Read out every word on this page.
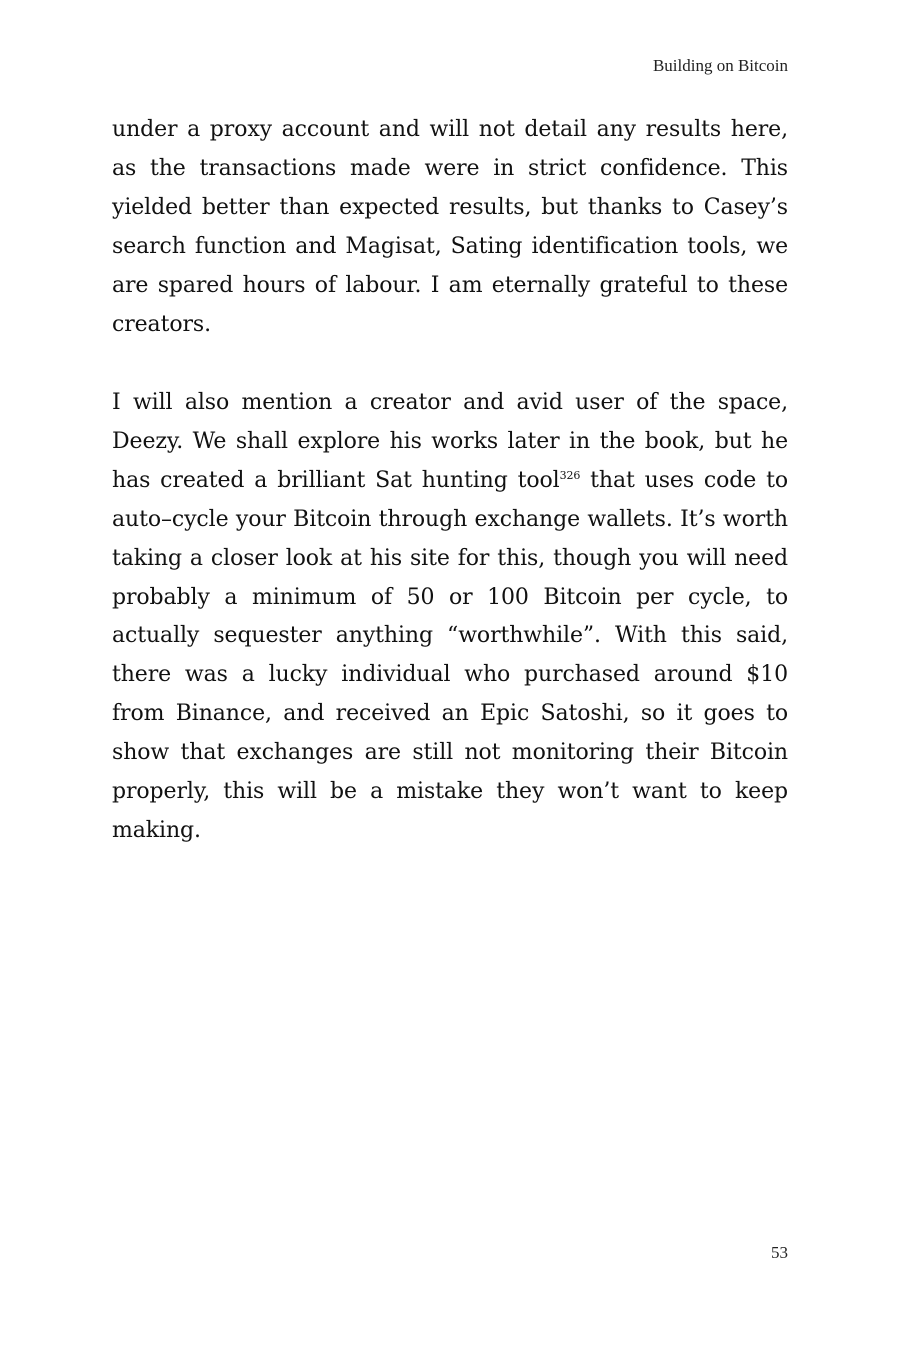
Building on Bitcoin

under a proxy account and will not detail any results here, as the transactions made were in strict confidence. This yielded better than expected results, but thanks to Casey’s search function and Magisat, Sating identification tools, we are spared hours of labour. I am eternally grateful to these creators.

I will also mention a creator and avid user of the space, Deezy. We shall explore his works later in the book, but he has created a brilliant Sat hunting tool$^{326}$ that uses code to auto–cycle your Bitcoin through exchange wallets. It’s worth taking a closer look at his site for this, though you will need probably a minimum of 50 or 100 Bitcoin per cycle, to actually sequester anything “worthwhile”. With this said, there was a lucky individual who purchased around $10 from Binance, and received an Epic Satoshi, so it goes to show that exchanges are still not monitoring their Bitcoin properly, this will be a mistake they won’t want to keep making.

53
